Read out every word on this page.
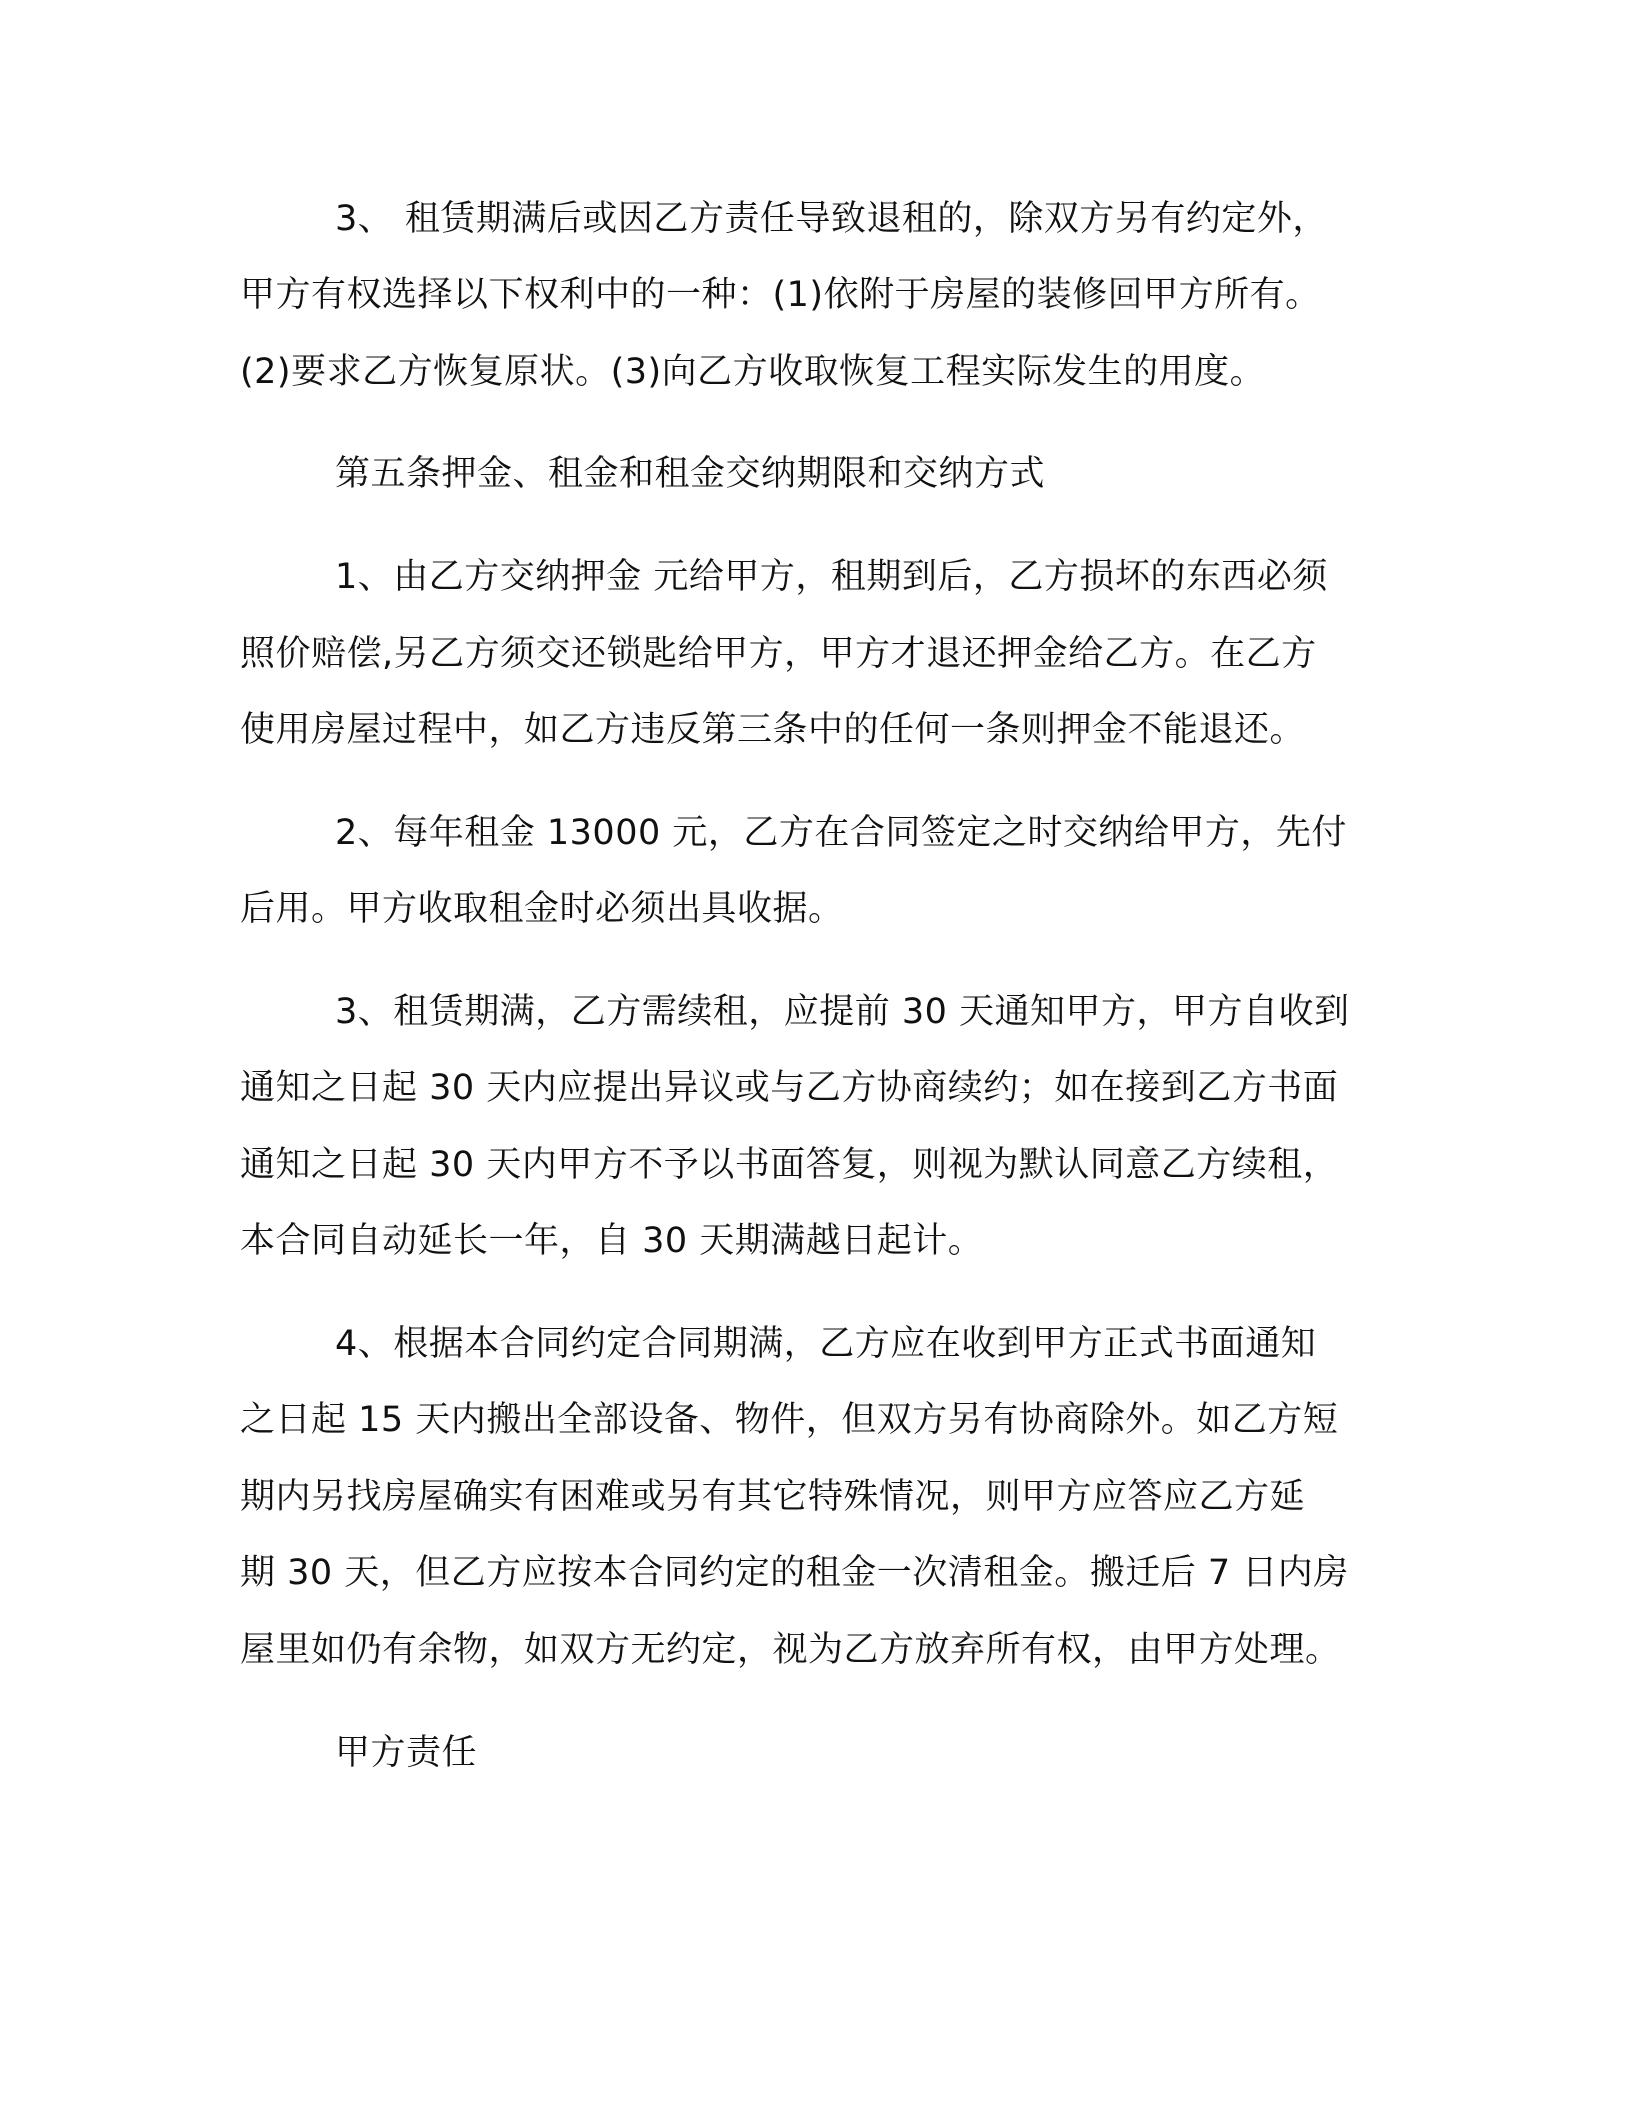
3、 租赁期满后或因乙方责任导致退租的，除双方另有约定外，
甲方有权选择以下权利中的一种：(1)依附于房屋的装修回甲方所有。
(2)要求乙方恢复原状。(3)向乙方收取恢复工程实际发生的用度。
第五条押金、租金和租金交纳期限和交纳方式
1、由乙方交纳押金 元给甲方，租期到后，乙方损坏的东西必须
照价赔偿,另乙方须交还锁匙给甲方，甲方才退还押金给乙方。在乙方
使用房屋过程中，如乙方违反第三条中的任何一条则押金不能退还。
2、每年租金 13000 元，乙方在合同签定之时交纳给甲方，先付
后用。甲方收取租金时必须出具收据。
3、租赁期满，乙方需续租，应提前 30 天通知甲方，甲方自收到
通知之日起 30 天内应提出异议或与乙方协商续约；如在接到乙方书面
通知之日起 30 天内甲方不予以书面答复，则视为默认同意乙方续租，
本合同自动延长一年，自 30 天期满越日起计。
4、根据本合同约定合同期满，乙方应在收到甲方正式书面通知
之日起 15 天内搬出全部设备、物件，但双方另有协商除外。如乙方短
期内另找房屋确实有困难或另有其它特殊情况，则甲方应答应乙方延
期 30 天，但乙方应按本合同约定的租金一次清租金。搬迁后 7 日内房
屋里如仍有余物，如双方无约定，视为乙方放弃所有权，由甲方处理。
甲方责任
